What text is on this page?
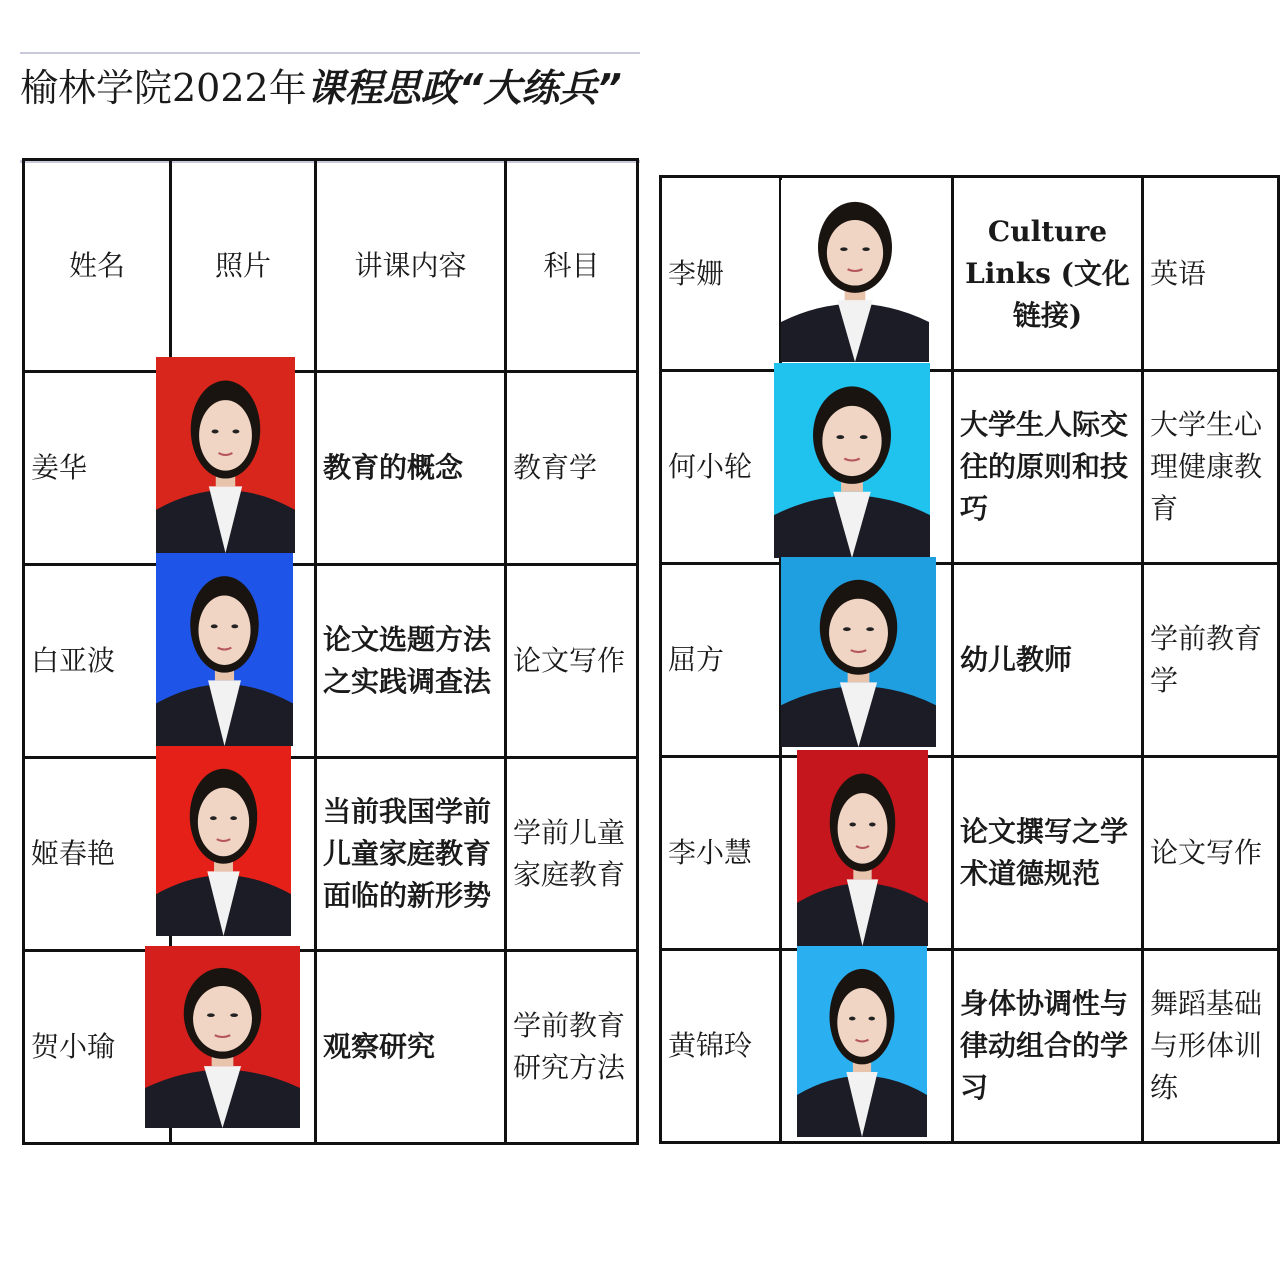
榆林学院2022年课程思政“大练兵”
姓名	照片	讲课内容	科目
姜华		教育的概念	教育学
白亚波		论文选题方法之实践调查法	论文写作
姬春艳		当前我国学前儿童家庭教育面临的新形势	学前儿童家庭教育
贺小瑜		观察研究	学前教育研究方法
李姗		Culture Links (文化链接)	英语
何小轮		大学生人际交往的原则和技巧	大学生心理健康教育
屈方		幼儿教师	学前教育学
李小慧		论文撰写之学术道德规范	论文写作
黄锦玲		身体协调性与律动组合的学习	舞蹈基础与形体训练
